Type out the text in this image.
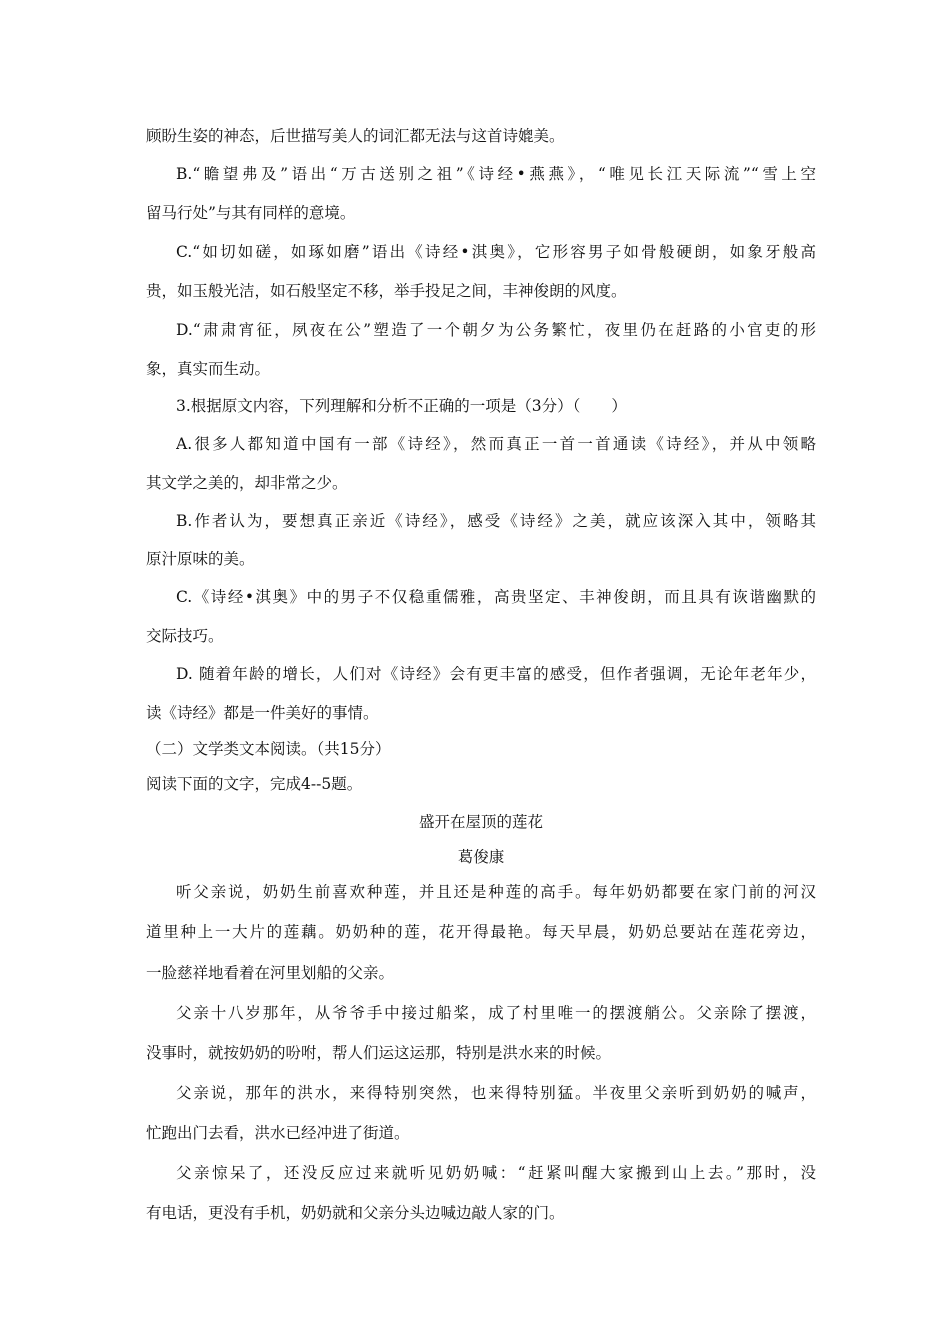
顾盼生姿的神态，后世描写美人的词汇都无法与这首诗媲美。
B.“瞻望弗及”语出“万古送别之祖”《诗经•燕燕》，“唯见长江天际流”“雪上空
留马行处”与其有同样的意境。
C.“如切如磋，如琢如磨”语出《诗经•淇奥》，它形容男子如骨般硬朗，如象牙般高
贵，如玉般光洁，如石般坚定不移，举手投足之间，丰神俊朗的风度。
D.“肃肃宵征，夙夜在公”塑造了一个朝夕为公务繁忙，夜里仍在赶路的小官吏的形
象，真实而生动。
3.根据原文内容，下列理解和分析不正确的一项是（3分）（　　）
A.很多人都知道中国有一部《诗经》，然而真正一首一首通读《诗经》，并从中领略
其文学之美的，却非常之少。
B.作者认为，要想真正亲近《诗经》，感受《诗经》之美，就应该深入其中，领略其
原汁原味的美。
C.《诗经•淇奥》中的男子不仅稳重儒雅，高贵坚定、丰神俊朗，而且具有诙谐幽默的
交际技巧。
D. 随着年龄的增长，人们对《诗经》会有更丰富的感受，但作者强调，无论年老年少，
读《诗经》都是一件美好的事情。
（二）文学类文本阅读。（共15分）
阅读下面的文字，完成4--5题。
盛开在屋顶的莲花
葛俊康
听父亲说，奶奶生前喜欢种莲，并且还是种莲的高手。每年奶奶都要在家门前的河汉
道里种上一大片的莲藕。奶奶种的莲，花开得最艳。每天早晨，奶奶总要站在莲花旁边，
一脸慈祥地看着在河里划船的父亲。
父亲十八岁那年，从爷爷手中接过船桨，成了村里唯一的摆渡艄公。父亲除了摆渡，
没事时，就按奶奶的吩咐，帮人们运这运那，特别是洪水来的时候。
父亲说，那年的洪水，来得特别突然，也来得特别猛。半夜里父亲听到奶奶的喊声，
忙跑出门去看，洪水已经冲进了街道。
父亲惊呆了，还没反应过来就听见奶奶喊：“赶紧叫醒大家搬到山上去。”那时，没
有电话，更没有手机，奶奶就和父亲分头边喊边敲人家的门。
